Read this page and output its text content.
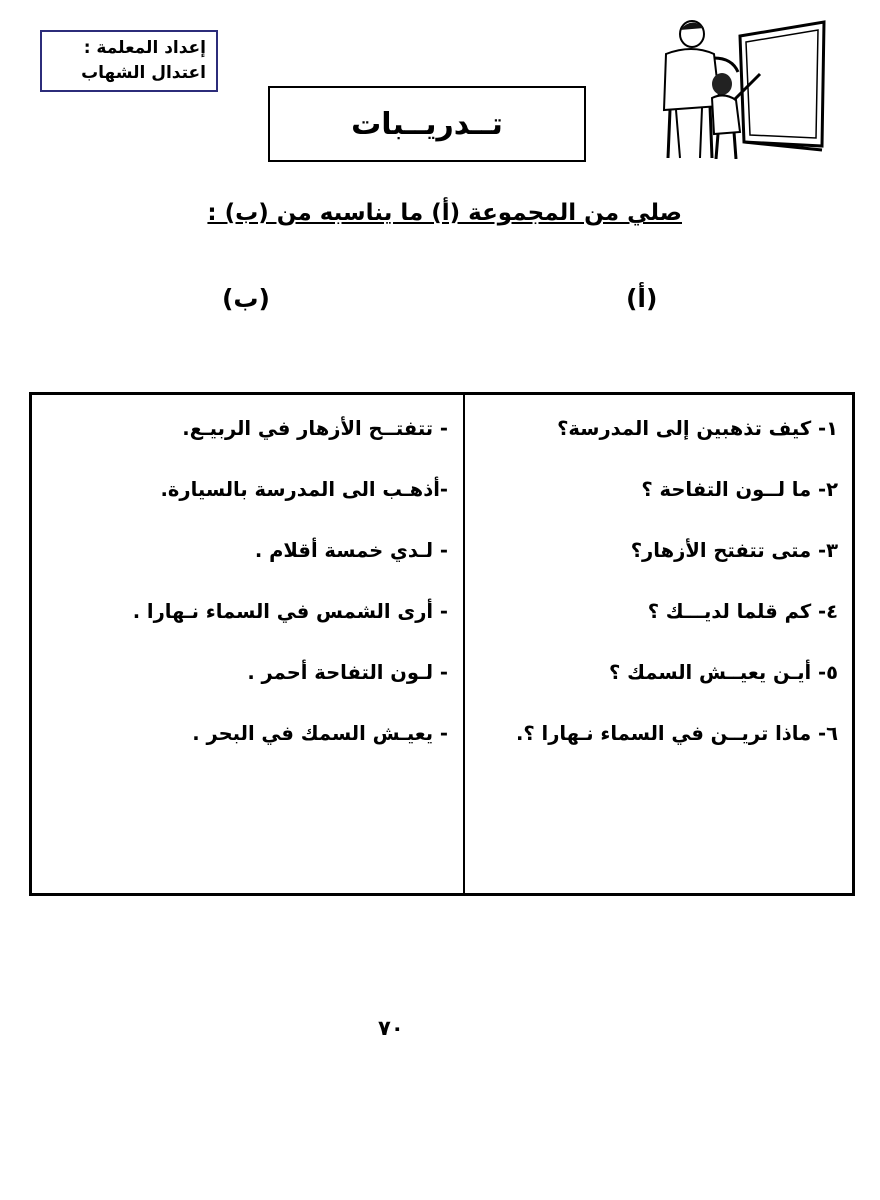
إعداد المعلمة :
اعتدال الشهاب
تــدريــبات
صلي من المجموعة (أ) ما يناسبه من (ب) :
(أ)
(ب)
١- كيف تذهبين إلى المدرسة؟
٢- ما لــون التفاحة ؟
٣- متى تتفتح الأزهار؟
٤- كم قلما لديـــك ؟
٥- أيـن يعيــش السمك ؟
٦- ماذا تريــن في السماء نـهارا ؟.
- تتفتــح الأزهار في الربيـع.
-أذهـب الى المدرسة بالسيارة.
- لـدي خمسة أقلام .
- أرى الشمس في السماء نـهارا .
- لـون التفاحة أحمر .
- يعيـش السمك في البحر .
٧٠
